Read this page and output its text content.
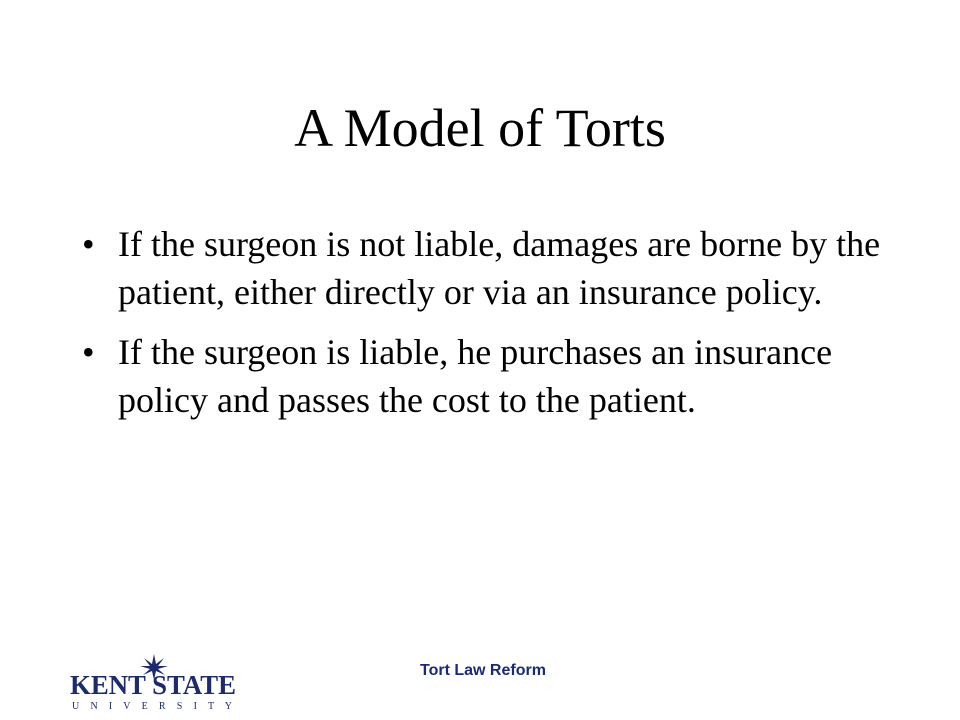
A Model of Torts
• If the surgeon is not liable, damages are borne by the patient, either directly or via an insurance policy.
• If the surgeon is liable, he purchases an insurance policy and passes the cost to the patient.
KENT STATE
U N I V E R S I T Y
Tort Law Reform
